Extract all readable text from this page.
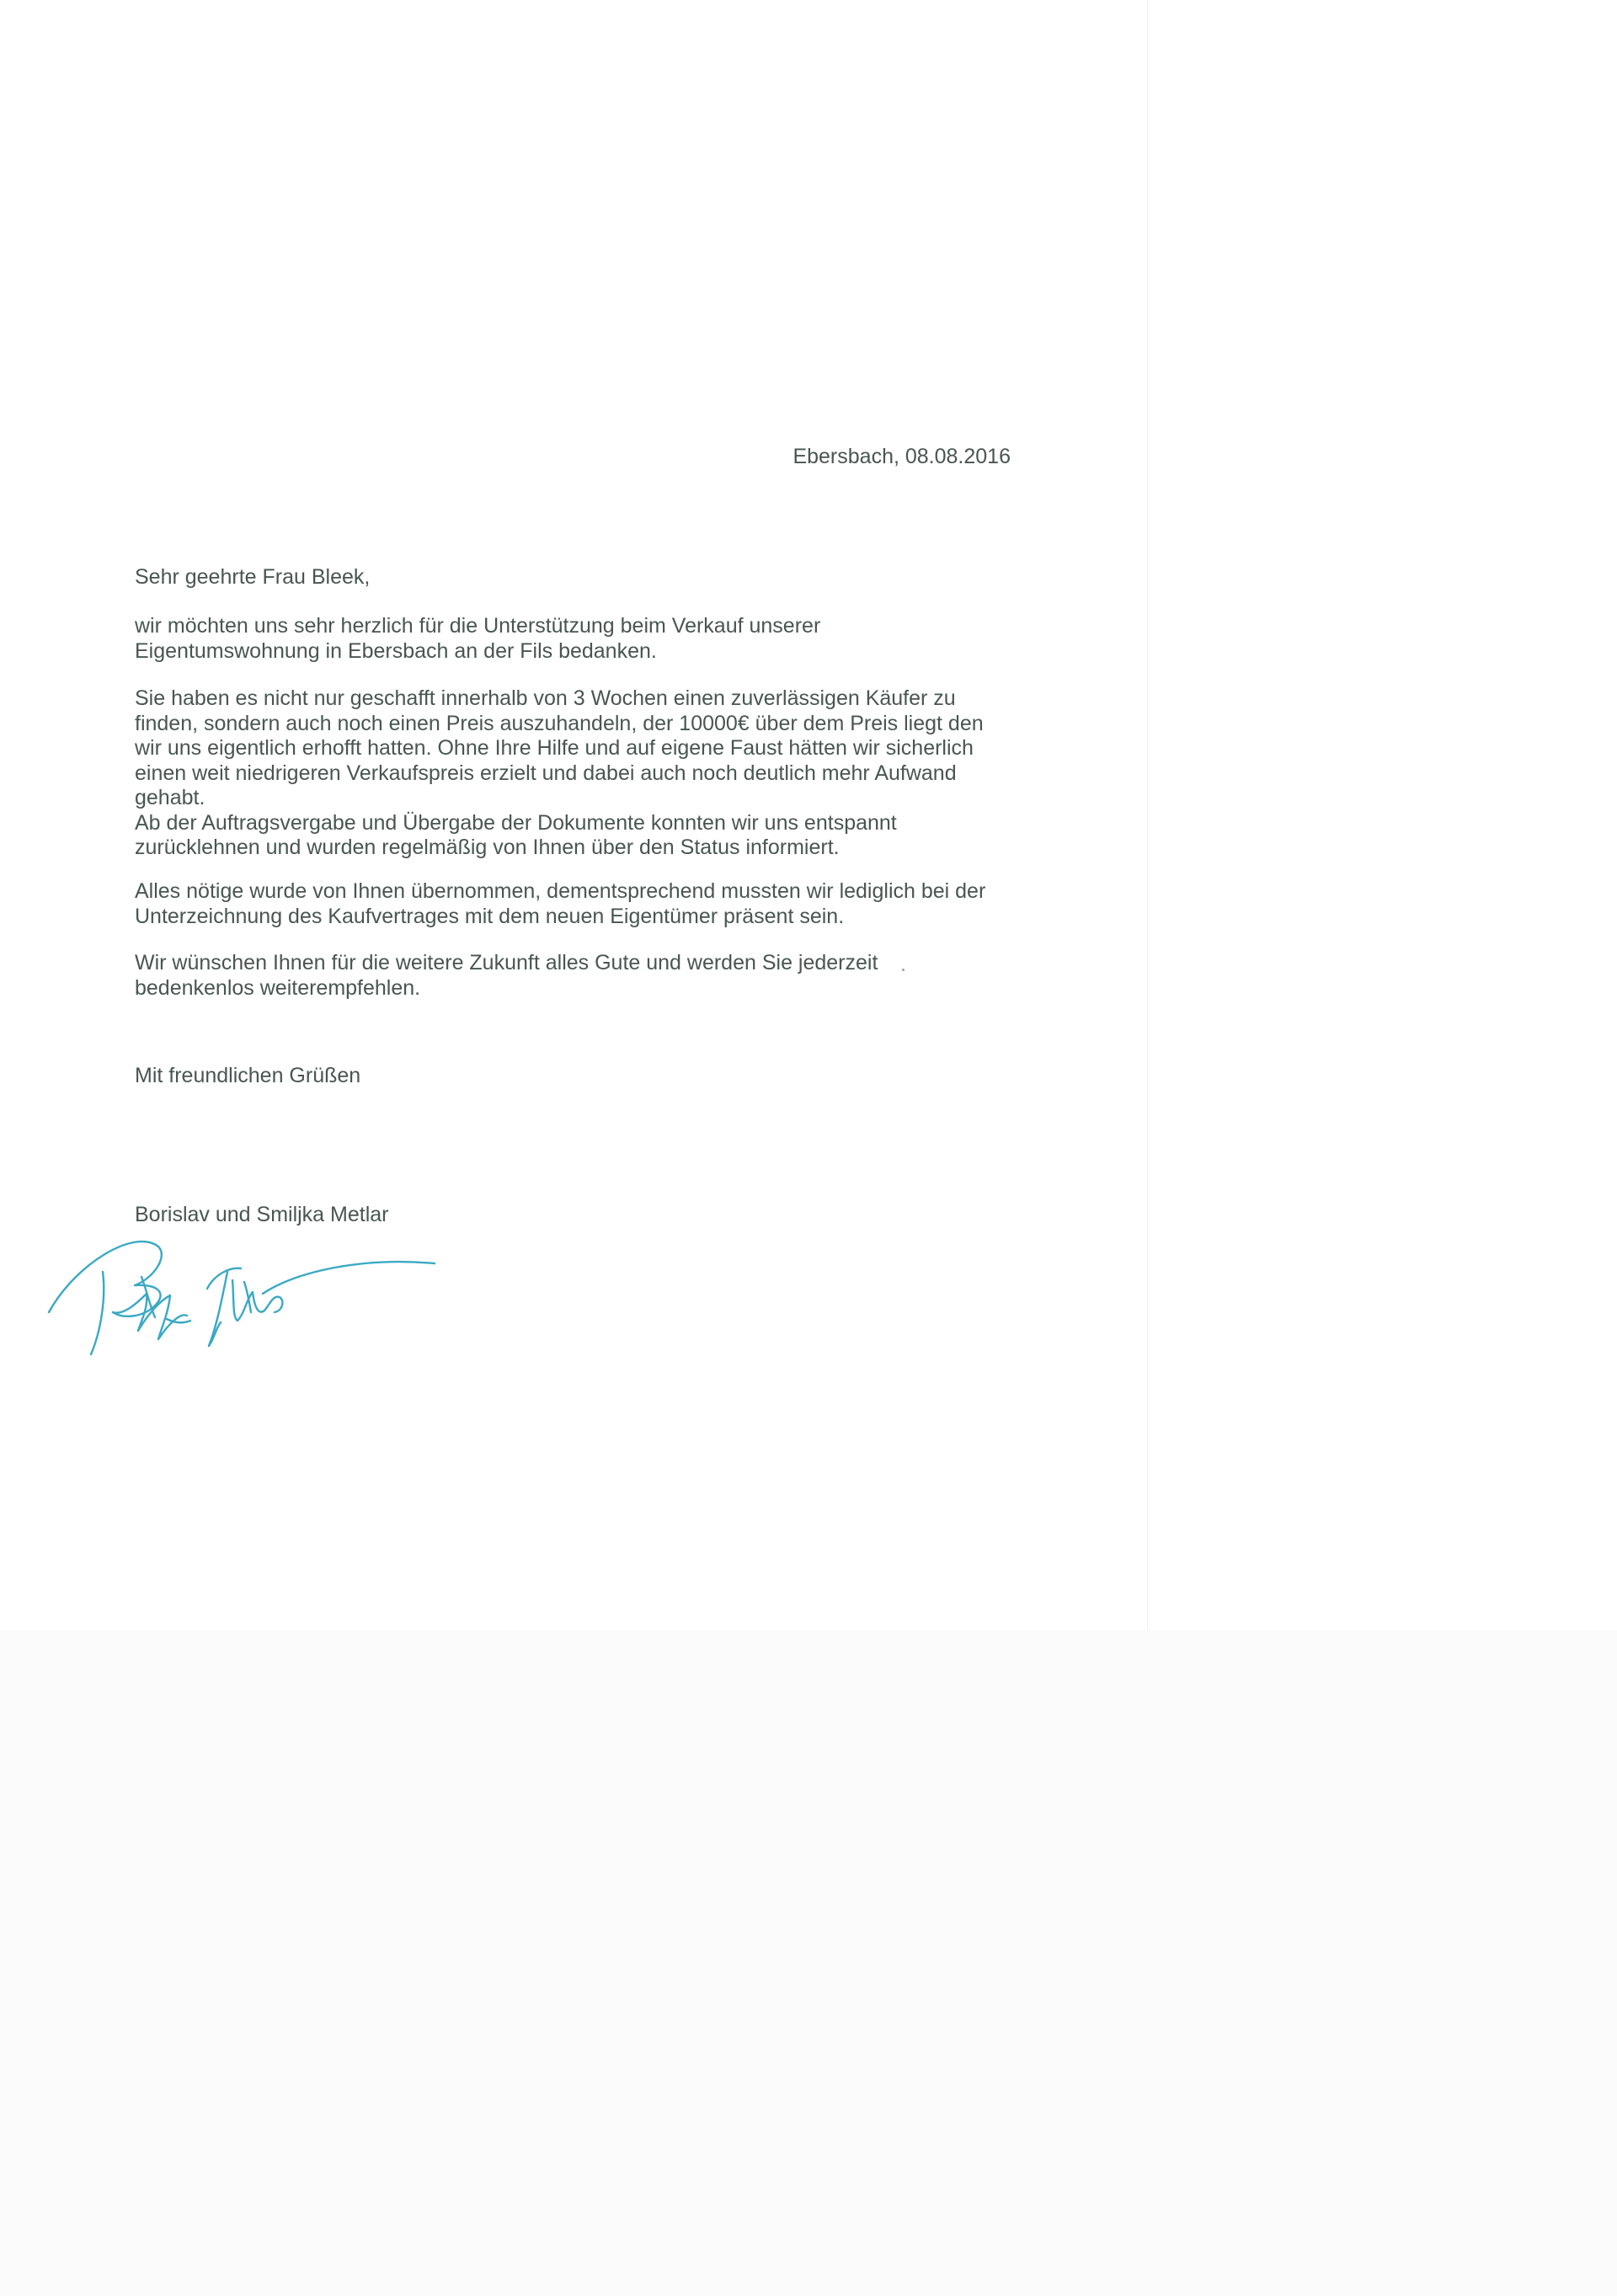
Ebersbach, 08.08.2016
Sehr geehrte Frau Bleek,

wir möchten uns sehr herzlich für die Unterstützung beim Verkauf unserer
Eigentumswohnung in Ebersbach an der Fils bedanken.

Sie haben es nicht nur geschafft innerhalb von 3 Wochen einen zuverlässigen Käufer zu
finden, sondern auch noch einen Preis auszuhandeln, der 10000€ über dem Preis liegt den
wir uns eigentlich erhofft hatten. Ohne Ihre Hilfe und auf eigene Faust hätten wir sicherlich
einen weit niedrigeren Verkaufspreis erzielt und dabei auch noch deutlich mehr Aufwand
gehabt.
Ab der Auftragsvergabe und Übergabe der Dokumente konnten wir uns entspannt
zurücklehnen und wurden regelmäßig von Ihnen über den Status informiert.

Alles nötige wurde von Ihnen übernommen, dementsprechend mussten wir lediglich bei der
Unterzeichnung des Kaufvertrages mit dem neuen Eigentümer präsent sein.

Wir wünschen Ihnen für die weitere Zukunft alles Gute und werden Sie jederzeit
bedenkenlos weiterempfehlen.

Mit freundlichen Grüßen
Borislav und Smiljka Metlar
